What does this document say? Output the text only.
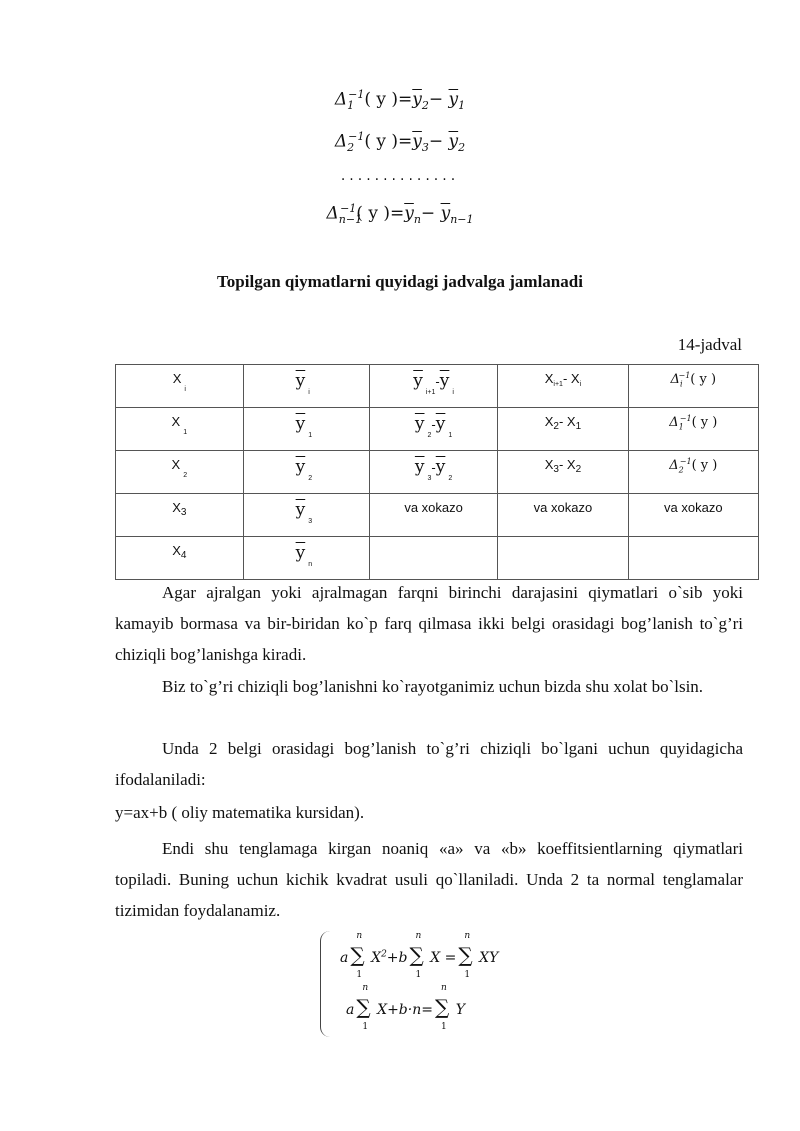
$\Delta_1^{-1}$( y )$=\overline{y}_2- \overline{y}_1$
$\Delta_2^{-1}$( y )$=\overline{y}_3- \overline{y}_2$
..............
$\Delta_{n-1}^{-1}$( y )$=\overline{y}_n- \overline{y}_{n-1}$
Topilgan qiymatlarni quyidagi jadvalga jamlanadi
14-jadval
$X_i$	$\overline{y}_i$	$\overline{y}_{i+1}-\overline{y}_i$	$X_{i+1}-$ $X_i$	$\Delta_i^{-1}$( y )
$X_1$	$\overline{y}_1$	$\overline{y}_2-\overline{y}_1$	$X_2-$ $X_1$	$\Delta_1^{-1}$( y )
$X_2$	$\overline{y}_2$	$\overline{y}_3-\overline{y}_2$	$X_3-$ $X_2$	$\Delta_2^{-1}$( y )
$X_3$	$\overline{y}_3$	va xokazo	va xokazo	va xokazo
$X_4$	$\overline{y}_n$			
Agar ajralgan yoki ajralmagan farqni birinchi darajasini qiymatlari o`sib yoki kamayib bormasa va bir-biridan ko`p farq qilmasa ikki belgi orasidagi bog’lanish to`g’ri chiziqli bog’lanishga kiradi.
Biz to`g’ri chiziqli bog’lanishni ko`rayotganimiz uchun bizda shu xolat bo`lsin.
Unda 2 belgi orasidagi bog’lanish to`g’ri chiziqli bo`lgani uchun quyidagicha ifodalaniladi:
y=ax+b ( oliy matematika kursidan).
Endi shu tenglamaga kirgan noaniq «a» va «b» koeffitsientlarning qiymatlari topiladi. Buning uchun kichik kvadrat usuli qo`llaniladi. Unda 2 ta normal tenglamalar tizimidan foydalanamiz.
a ∑
n
1
$X^2+b$ ∑
n
1
X = ∑
n
1
XY
a ∑
n
1
X+b·n= ∑
n
1
Y
